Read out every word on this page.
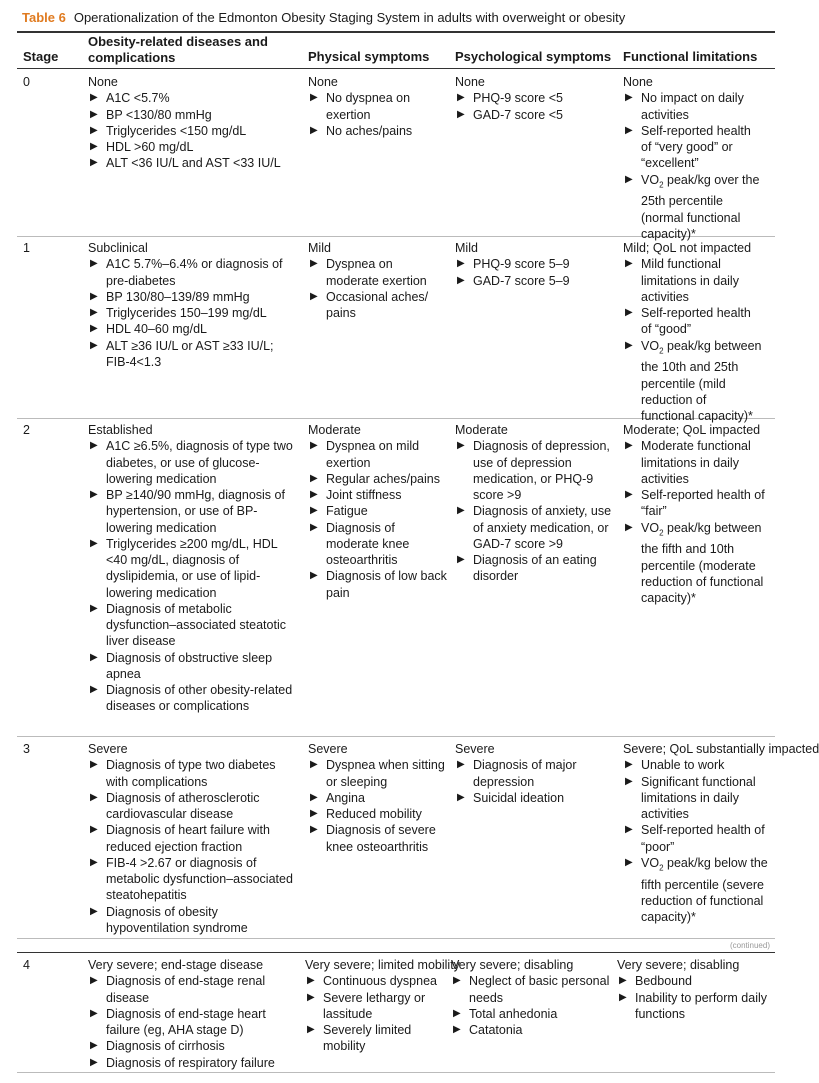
Table 6 Operationalization of the Edmonton Obesity Staging System in adults with overweight or obesity
Stage
Obesity-related diseases and complications	Physical symptoms Psychological symptoms Functional limitations
(continued)
0
1
2
3
4
None
▶ A1C <5.7%
▶ BP <130/80 mmHg
▶ Triglycerides <150 mg/dL
▶ HDL >60 mg/dL
▶ ALT <36 IU/L and AST <33 IU/L
None
▶ No dyspnea on exertion
▶ No aches/pains
None
▶ PHQ-9 score <5
▶ GAD-7 score <5
None
▶ No impact on daily activities
▶ Self-reported health of “very good” or “excellent”
▶ $VO_2$ peak/kg over the 25th percentile (normal functional capacity)*
Subclinical
▶ A1C 5.7%–6.4% or diagnosis of pre-diabetes
▶ BP 130/80–139/89 mmHg
▶ Triglycerides 150–199 mg/dL
▶ HDL 40–60 mg/dL
▶ ALT ≥36 IU/L or AST ≥33 IU/L; FIB-4<1.3
Mild
▶ Dyspnea on moderate exertion
▶ Occasional aches/ pains
Mild
▶ PHQ-9 score 5–9
▶ GAD-7 score 5–9
Mild; QoL not impacted
▶ Mild functional limitations in daily activities
▶ Self-reported health of “good”
▶ $VO_2$ peak/kg between the 10th and 25th percentile (mild reduction of functional capacity)*
Established
▶ A1C ≥6.5%, diagnosis of type two diabetes, or use of glucose-lowering medication
▶ BP ≥140/90 mmHg, diagnosis of hypertension, or use of BP-lowering medication
▶ Triglycerides ≥200 mg/dL, HDL <40 mg/dL, diagnosis of dyslipidemia, or use of lipid-lowering medication
▶ Diagnosis of metabolic dysfunction–associated steatotic liver disease
▶ Diagnosis of obstructive sleep apnea
▶ Diagnosis of other obesity-related diseases or complications
Moderate
▶ Dyspnea on mild exertion
▶ Regular aches/pains
▶ Joint stiffness
▶ Fatigue
▶ Diagnosis of moderate knee osteoarthritis
▶ Diagnosis of low back pain
Moderate
▶ Diagnosis of depression, use of depression medication, or PHQ-9 score >9
▶ Diagnosis of anxiety, use of anxiety medication, or GAD-7 score >9
▶ Diagnosis of an eating disorder
Moderate; QoL impacted
▶ Moderate functional limitations in daily activities
▶ Self-reported health of “fair”
▶ $VO_2$ peak/kg between the fifth and 10th percentile (moderate reduction of functional capacity)*
Severe
▶ Diagnosis of type two diabetes with complications
▶ Diagnosis of atherosclerotic cardiovascular disease
▶ Diagnosis of heart failure with reduced ejection fraction
▶ FIB-4 >2.67 or diagnosis of metabolic dysfunction–associated steatohepatitis
▶ Diagnosis of obesity hypoventilation syndrome
Severe
▶ Dyspnea when sitting or sleeping
▶ Angina
▶ Reduced mobility
▶ Diagnosis of severe knee osteoarthritis
Severe
▶ Diagnosis of major depression
▶ Suicidal ideation
Severe; QoL substantially impacted
▶ Unable to work
▶ Significant functional limitations in daily activities
▶ Self-reported health of “poor”
▶ $VO_2$ peak/kg below the fifth percentile (severe reduction of functional capacity)*
Very severe; end-stage disease
▶ Diagnosis of end-stage renal disease
▶ Diagnosis of end-stage heart failure (eg, AHA stage D)
▶ Diagnosis of cirrhosis
▶ Diagnosis of respiratory failure
Very severe; limited mobility
▶ Continuous dyspnea
▶ Severe lethargy or lassitude
▶ Severely limited mobility
Very severe; disabling
▶ Neglect of basic personal needs
▶ Total anhedonia
▶ Catatonia
Very severe; disabling
▶ Bedbound
▶ Inability to perform daily functions
